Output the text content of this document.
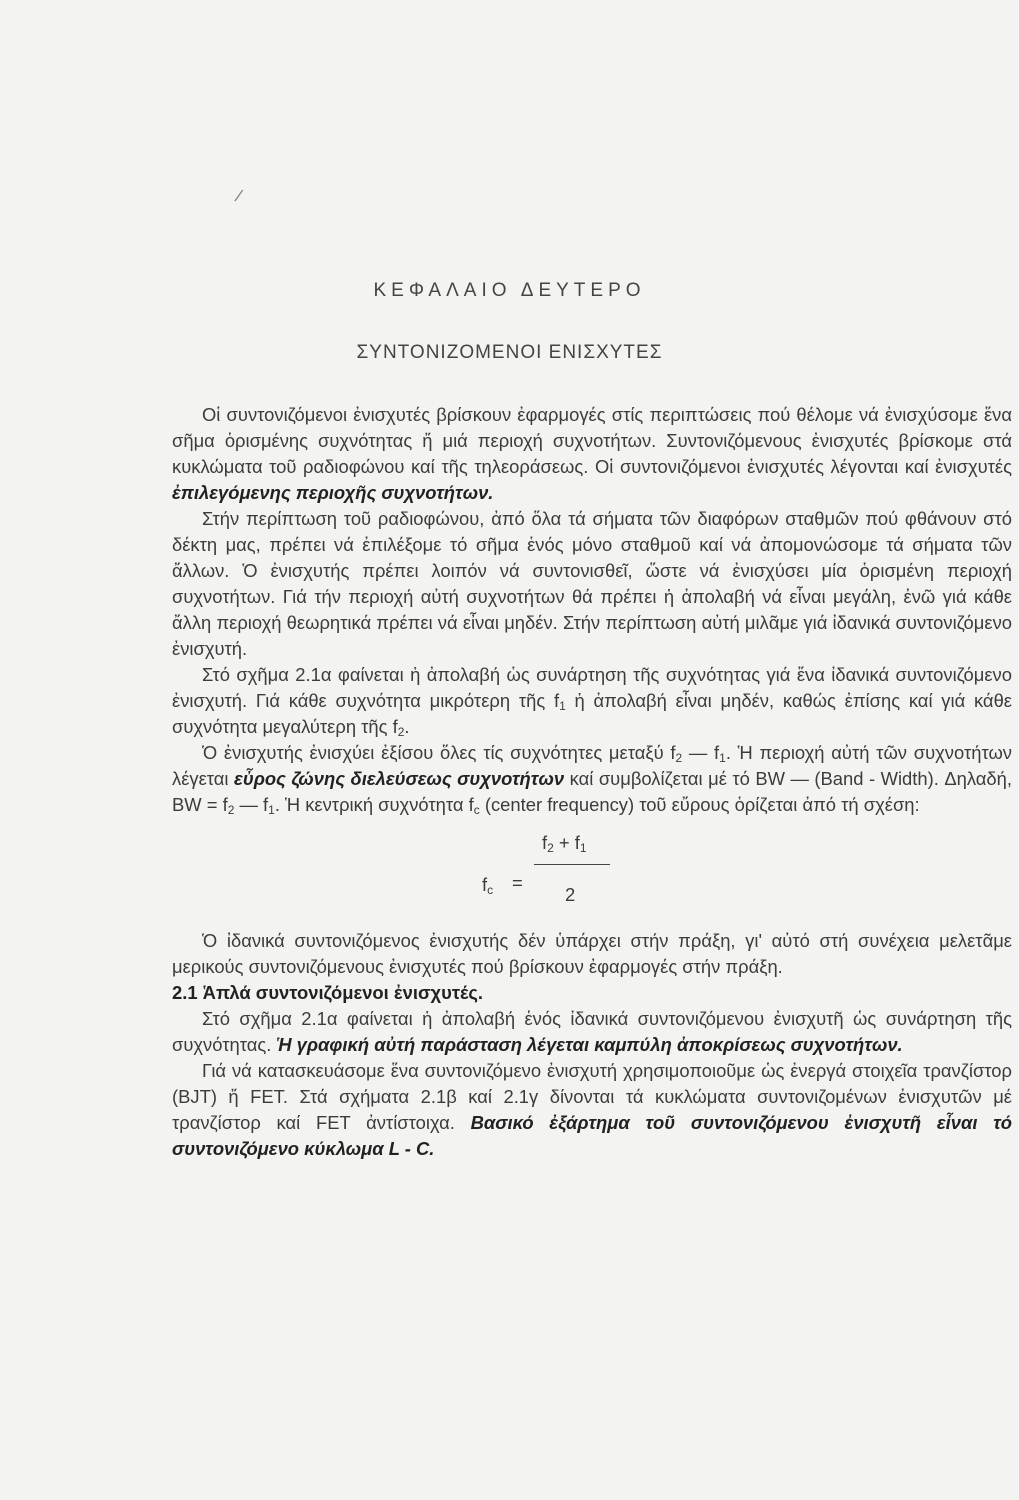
/
ΚΕΦΑΛΑΙΟ ΔΕΥΤΕΡΟ
ΣΥΝΤΟΝΙΖΟΜΕΝΟΙ ΕΝΙΣΧΥΤΕΣ

Οἱ συντονιζόμενοι ἐνισχυτές βρίσκουν ἐφαρμογές στίς περιπτώσεις πού θέλομε νά ἐνισχύσομε ἕνα σῆμα ὁρισμένης συχνότητας ἤ μιά περιοχή συχνοτήτων. Συντονιζόμενους ἐνισχυτές βρίσκομε στά κυκλώματα τοῦ ραδιοφώνου καί τῆς τηλεοράσεως. Οἱ συντονιζόμενοι ἐνισχυτές λέγονται καί ἐνισχυτές ἐπιλεγόμενης περιοχῆς συχνοτήτων.

Στήν περίπτωση τοῦ ραδιοφώνου, ἀπό ὅλα τά σήματα τῶν διαφόρων σταθμῶν πού φθάνουν στό δέκτη μας, πρέπει νά ἐπιλέξομε τό σῆμα ἑνός μόνο σταθμοῦ καί νά ἀπομονώσομε τά σήματα τῶν ἄλλων. Ὁ ἐνισχυτής πρέπει λοιπόν νά συντονισθεῖ, ὥστε νά ἐνισχύσει μία ὁρισμένη περιοχή συχνοτήτων. Γιά τήν περιοχή αὐτή συχνοτήτων θά πρέπει ἡ ἀπολαβή νά εἶναι μεγάλη, ἐνῶ γιά κάθε ἄλλη περιοχή θεωρητικά πρέπει νά εἶναι μηδέν. Στήν περίπτωση αὐτή μιλᾶμε γιά ἰδανικά συντονιζόμενο ἐνισχυτή.

Στό σχῆμα 2.1α φαίνεται ἡ ἀπολαβή ὡς συνάρτηση τῆς συχνότητας γιά ἕνα ἰδανικά συντονιζόμενο ἐνισχυτή. Γιά κάθε συχνότητα μικρότερη τῆς $f_1$ ἡ ἀπολαβή εἶναι μηδέν, καθώς ἐπίσης καί γιά κάθε συχνότητα μεγαλύτερη τῆς $f_2$.

Ὁ ἐνισχυτής ἐνισχύει ἐξίσου ὅλες τίς συχνότητες μεταξύ $f_2$ — $f_1$. Ἡ περιοχή αὐτή τῶν συχνοτήτων λέγεται εὖρος ζώνης διελεύσεως συχνοτήτων καί συμβολίζεται μέ τό BW — (Band - Width). Δηλαδή, BW = $f_2$ — $f_1$. Ἡ κεντρική συχνότητα $f_c$ (center frequency) τοῦ εὔρους ὁρίζεται ἀπό τή σχέση:

$f_c$ =
$f_2 + f_1$
2

Ὁ ἰδανικά συντονιζόμενος ἐνισχυτής δέν ὑπάρχει στήν πράξη, γι' αὐτό στή συνέχεια μελετᾶμε μερικούς συντονιζόμενους ἐνισχυτές πού βρίσκουν ἐφαρμογές στήν πράξη.

2.1 Ἁπλά συντονιζόμενοι ἐνισχυτές.

Στό σχῆμα 2.1α φαίνεται ἡ ἀπολαβή ἑνός ἰδανικά συντονιζόμενου ἐνισχυτῆ ὡς συνάρτηση τῆς συχνότητας. Ἡ γραφική αὐτή παράσταση λέγεται καμπύλη ἀποκρίσεως συχνοτήτων.

Γιά νά κατασκευάσομε ἕνα συντονιζόμενο ἐνισχυτή χρησιμοποιοῦμε ὡς ἐνεργά στοιχεῖα τρανζίστορ (BJT) ἤ FET. Στά σχήματα 2.1β καί 2.1γ δίνονται τά κυκλώματα συντονιζομένων ἐνισχυτῶν μέ τρανζίστορ καί FET ἀντίστοιχα. Βασικό ἐξάρτημα τοῦ συντονιζόμενου ἐνισχυτῆ εἶναι τό συντονιζόμενο κύκλωμα L - C.
